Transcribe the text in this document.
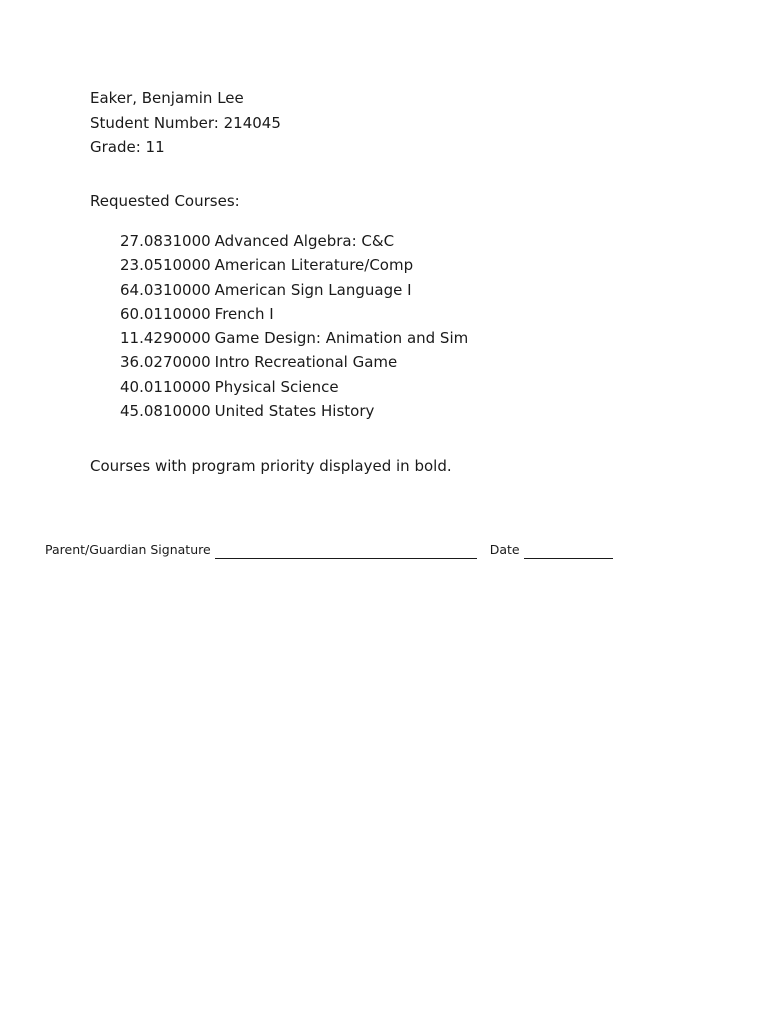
Eaker, Benjamin Lee
Student Number: 214045
Grade: 11
Requested Courses:
27.0831000 Advanced Algebra: C&C
23.0510000 American Literature/Comp
64.0310000 American Sign Language I
60.0110000 French I
11.4290000 Game Design: Animation and Sim
36.0270000 Intro Recreational Game
40.0110000 Physical Science
45.0810000 United States History
Courses with program priority displayed in bold.
Parent/Guardian Signature	Date
